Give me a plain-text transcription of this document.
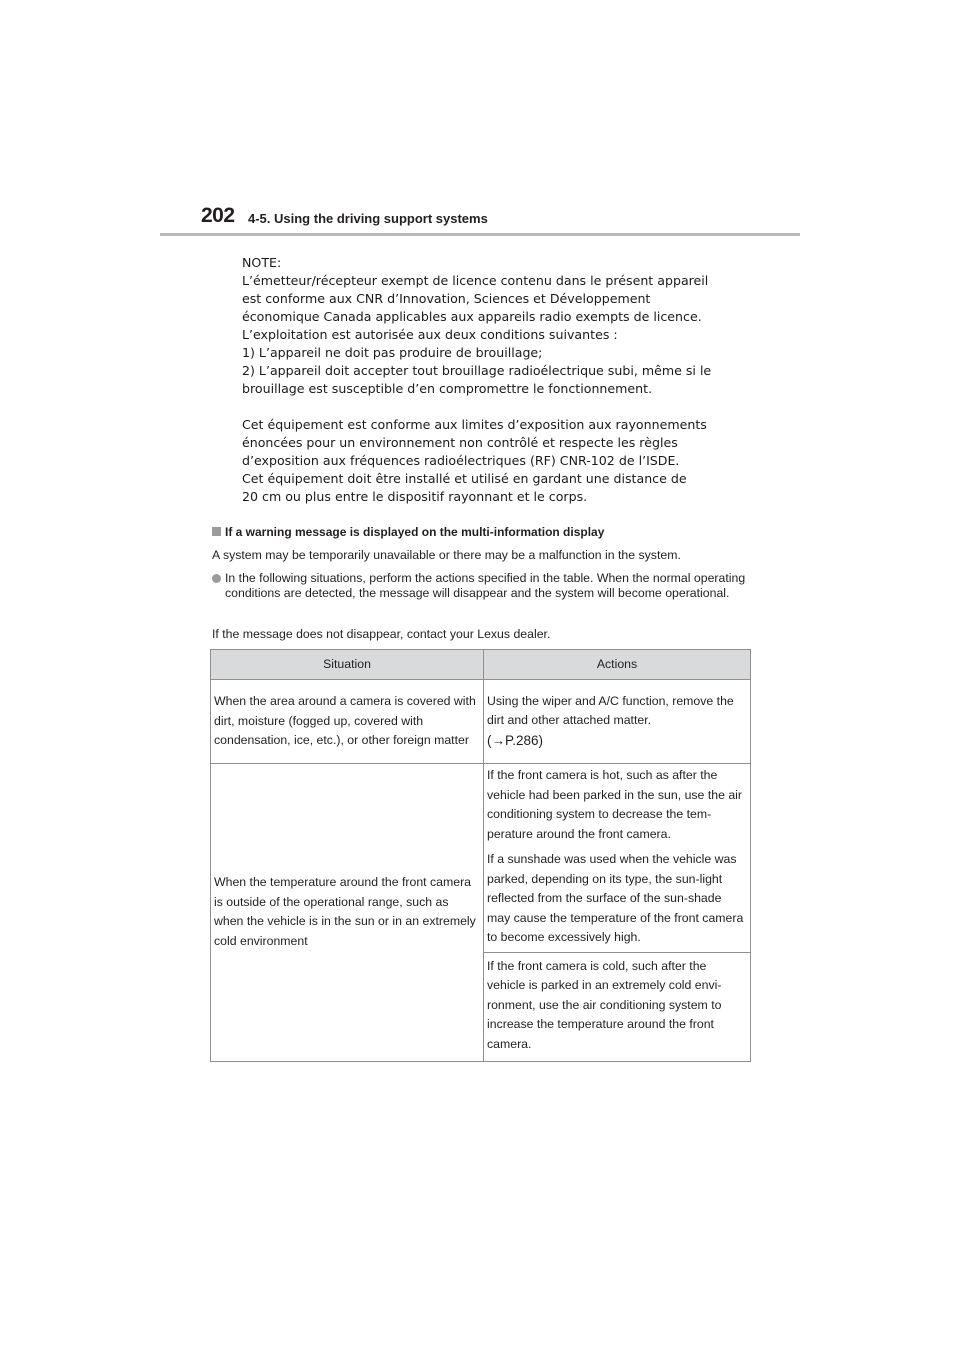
202 4-5. Using the driving support systems

NOTE:

L’émetteur/récepteur exempt de licence contenu dans le présent appareil

est conforme aux CNR d’Innovation, Sciences et Développement

économique Canada applicables aux appareils radio exempts de licence.

L’exploitation est autorisée aux deux conditions suivantes :

1) L’appareil ne doit pas produire de brouillage;

2) L’appareil doit accepter tout brouillage radioélectrique subi, même si le

brouillage est susceptible d’en compromettre le fonctionnement.

Cet équipement est conforme aux limites d’exposition aux rayonnements

énoncées pour un environnement non contrôlé et respecte les règles

d’exposition aux fréquences radioélectriques (RF) CNR-102 de l’ISDE.

Cet équipement doit être installé et utilisé en gardant une distance de

20 cm ou plus entre le dispositif rayonnant et le corps.

If a warning message is displayed on the multi-information display
A system may be temporarily unavailable or there may be a malfunction in the system.
In the following situations, perform the actions specified in the table. When the normal operating conditions are detected, the message will disappear and the system will become operational.
If the message does not disappear, contact your Lexus dealer.
Situation	Actions
When the area around a camera is covered with dirt, moisture (fogged up, covered with condensation, ice, etc.), or other foreign matter	Using the wiper and A/C function, remove the dirt and other attached matter.
(→P.286)
When the temperature around the front camera is outside of the operational range, such as when the vehicle is in the sun or in an extremely cold environment	If the front camera is hot, such as after the vehicle had been parked in the sun, use the air conditioning system to decrease the tem-perature around the front camera.

If a sunshade was used when the vehicle was parked, depending on its type, the sun-light reflected from the surface of the sun-shade may cause the temperature of the front camera to become excessively high.

	If the front camera is cold, such after the vehicle is parked in an extremely cold envi-ronment, use the air conditioning system to increase the temperature around the front camera.
